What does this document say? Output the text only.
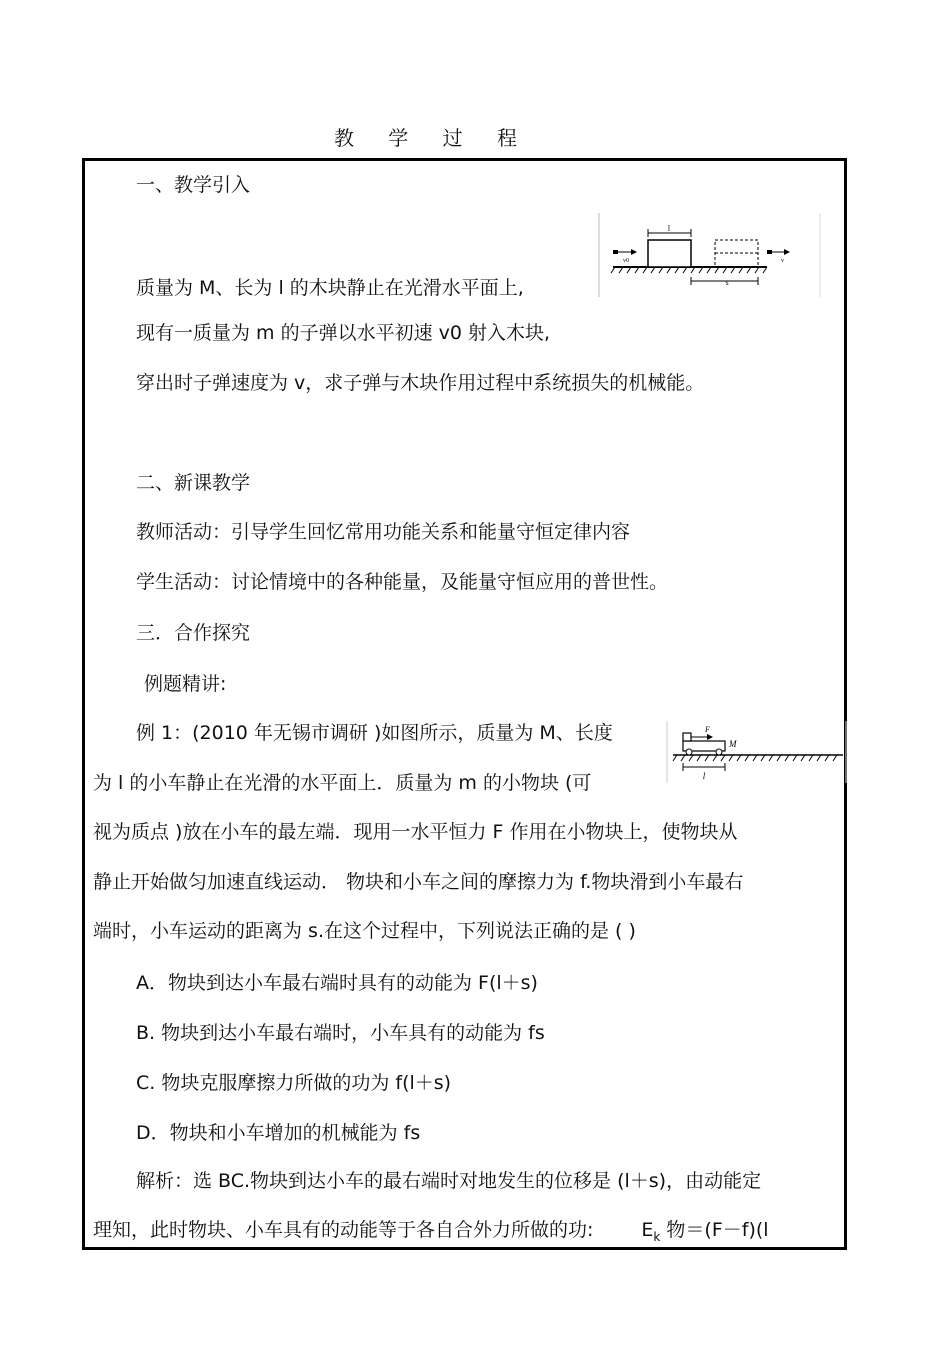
教 学 过 程
一、教学引入
l
s
v0	v
质量为 M、长为 l 的木块静止在光滑水平面上,
现有一质量为 m 的子弹以水平初速 v0 射入木块,
穿出时子弹速度为 v，求子弹与木块作用过程中系统损失的机械能。
二、新课教学
教师活动：引导学生回忆常用功能关系和能量守恒定律内容
学生活动：讨论情境中的各种能量，及能量守恒应用的普世性。
三．合作探究
例题精讲:
F
M
l
例 1：(2010 年无锡市调研 )如图所示，质量为 M、长度
为 l 的小车静止在光滑的水平面上．质量为 m 的小物块 (可
视为质点 )放在小车的最左端．现用一水平恒力 F 作用在小物块上，使物块从
静止开始做匀加速直线运动． 物块和小车之间的摩擦力为 f.物块滑到小车最右
端时，小车运动的距离为 s.在这个过程中，下列说法正确的是 ( )
A．物块到达小车最右端时具有的动能为 F(l＋s)
B. 物块到达小车最右端时，小车具有的动能为 fs
C. 物块克服摩擦力所做的功为 f(l＋s)
D．物块和小车增加的机械能为 fs
解析：选 BC.物块到达小车的最右端时对地发生的位移是 (l＋s)，由动能定
理知，此时物块、小车具有的动能等于各自合外力所做的功:	$E_k$ 物＝(F－f)(l
